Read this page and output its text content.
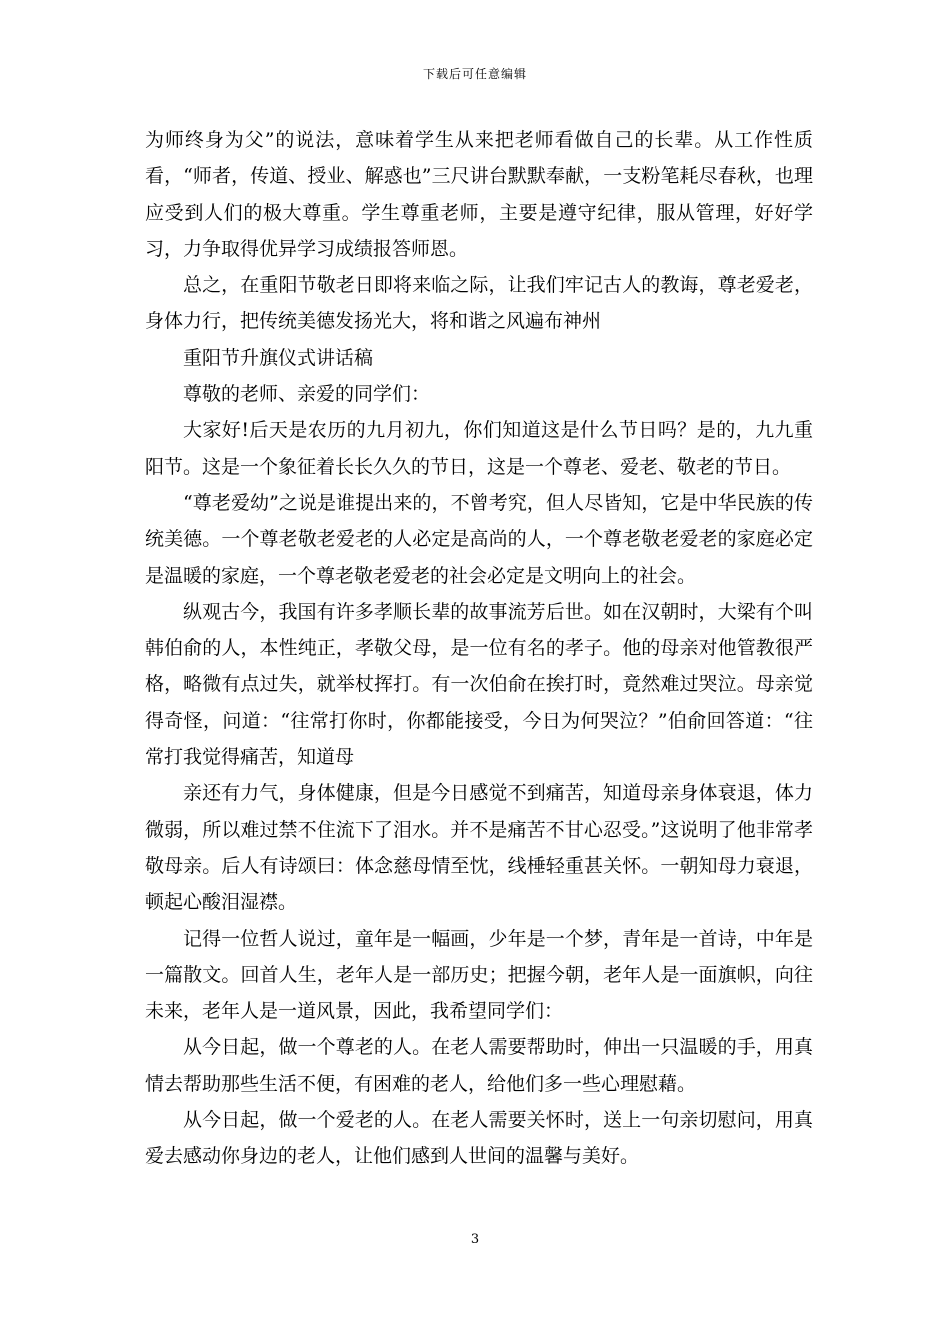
下载后可任意编辑

为师终身为父”的说法，意味着学生从来把老师看做自己的长辈。从工作性质看，“师者，传道、授业、解惑也”三尺讲台默默奉献，一支粉笔耗尽春秋，也理应受到人们的极大尊重。学生尊重老师，主要是遵守纪律，服从管理，好好学习，力争取得优异学习成绩报答师恩。

总之，在重阳节敬老日即将来临之际，让我们牢记古人的教诲，尊老爱老，身体力行，把传统美德发扬光大，将和谐之风遍布神州

重阳节升旗仪式讲话稿

尊敬的老师、亲爱的同学们：

大家好!后天是农历的九月初九，你们知道这是什么节日吗？是的，九九重阳节。这是一个象征着长长久久的节日，这是一个尊老、爱老、敬老的节日。

“尊老爱幼”之说是谁提出来的，不曾考究，但人尽皆知，它是中华民族的传统美德。一个尊老敬老爱老的人必定是高尚的人，一个尊老敬老爱老的家庭必定是温暖的家庭，一个尊老敬老爱老的社会必定是文明向上的社会。

纵观古今，我国有许多孝顺长辈的故事流芳后世。如在汉朝时，大梁有个叫韩伯俞的人，本性纯正，孝敬父母，是一位有名的孝子。他的母亲对他管教很严格，略微有点过失，就举杖挥打。有一次伯俞在挨打时，竟然难过哭泣。母亲觉得奇怪，问道：“往常打你时，你都能接受，今日为何哭泣？”伯俞回答道：“往常打我觉得痛苦，知道母

亲还有力气，身体健康，但是今日感觉不到痛苦，知道母亲身体衰退，体力微弱，所以难过禁不住流下了泪水。并不是痛苦不甘心忍受。”这说明了他非常孝敬母亲。后人有诗颂曰：体念慈母情至忱，线棰轻重甚关怀。一朝知母力衰退，顿起心酸泪湿襟。

记得一位哲人说过，童年是一幅画，少年是一个梦，青年是一首诗，中年是一篇散文。回首人生，老年人是一部历史；把握今朝，老年人是一面旗帜，向往未来，老年人是一道风景，因此，我希望同学们：

从今日起，做一个尊老的人。在老人需要帮助时，伸出一只温暖的手，用真情去帮助那些生活不便，有困难的老人，给他们多一些心理慰藉。

从今日起，做一个爱老的人。在老人需要关怀时，送上一句亲切慰问，用真爱去感动你身边的老人，让他们感到人世间的温馨与美好。

3
